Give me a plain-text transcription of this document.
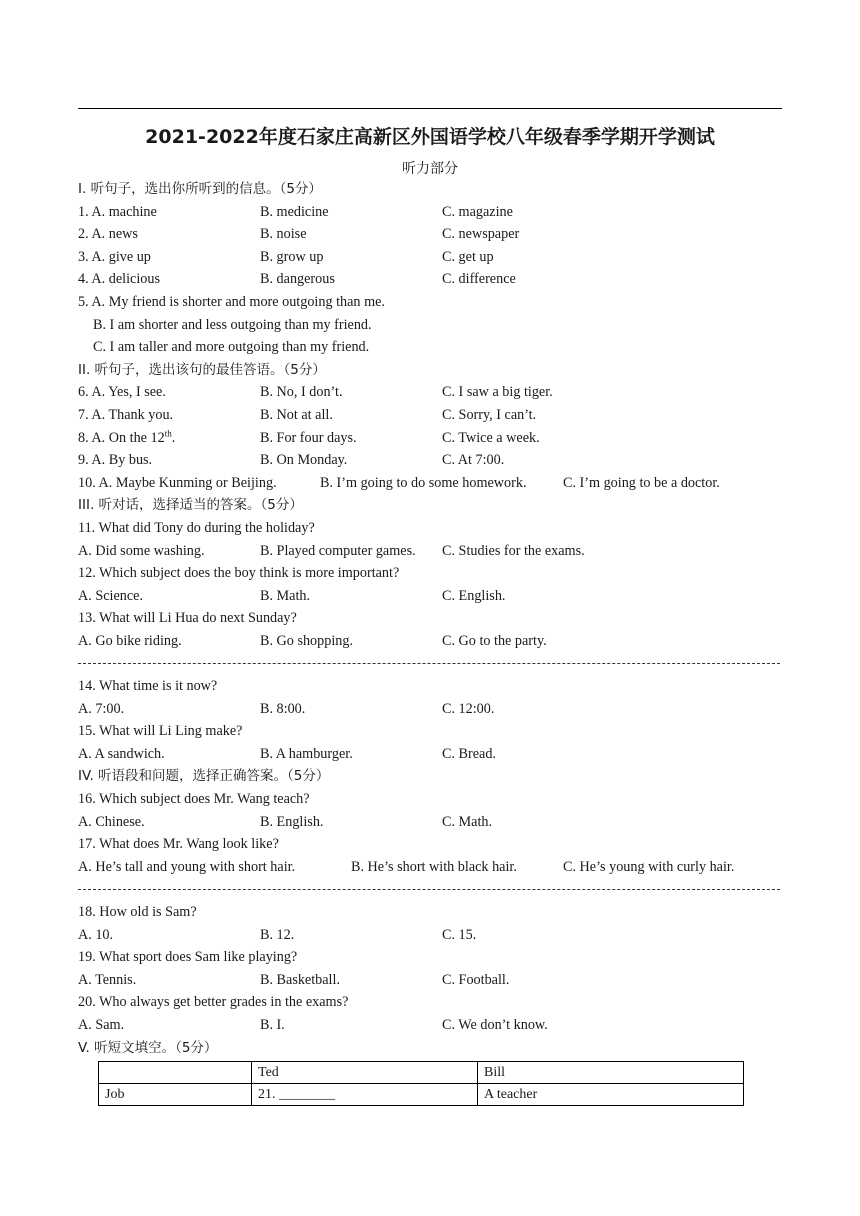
2021-2022年度石家庄高新区外国语学校八年级春季学期开学测试
听力部分
I. 听句子，选出你所听到的信息。（5分）
1. A. machine	B. medicine	C. magazine
2. A. news	B. noise	C. newspaper
3. A. give up	B. grow up	C. get up
4. A. delicious	B. dangerous	C. difference
5. A. My friend is shorter and more outgoing than me.
B. I am shorter and less outgoing than my friend.
C. I am taller and more outgoing than my friend.
II. 听句子，选出该句的最佳答语。（5分）
6. A. Yes, I see.	B. No, I don’t.	C. I saw a big tiger.
7. A. Thank you.	B. Not at all.	C. Sorry, I can’t.
8. A. On the 12th.	B. For four days.	C. Twice a week.
9. A. By bus.	B. On Monday.	C. At 7:00.
10. A. Maybe Kunming or Beijing.	B. I’m going to do some homework.	C. I’m going to be a doctor.
III. 听对话，选择适当的答案。（5分）
11. What did Tony do during the holiday?
A. Did some washing.	B. Played computer games. C. Studies for the exams.
12. Which subject does the boy think is more important?
A. Science.	B. Math.	C. English.
13. What will Li Hua do next Sunday?
A. Go bike riding.	B. Go shopping.	C. Go to the party.
14. What time is it now?
A. 7:00.	B. 8:00.	C. 12:00.
15. What will Li Ling make?
A. A sandwich.	B. A hamburger.	C. Bread.
IV. 听语段和问题，选择正确答案。（5分）
16. Which subject does Mr. Wang teach?
A. Chinese.	B. English.	C. Math.
17. What does Mr. Wang look like?
A. He’s tall and young with short hair.	B. He’s short with black hair.	C. He’s young with curly hair.
18. How old is Sam?
A. 10.	B. 12.	C. 15.
19. What sport does Sam like playing?
A. Tennis.	B. Basketball.	C. Football.
20. Who always get better grades in the exams?
A. Sam.	B. I.	C. We don’t know.
V. 听短文填空。（5分）
	Ted	Bill
Job	21. ________	A teacher
